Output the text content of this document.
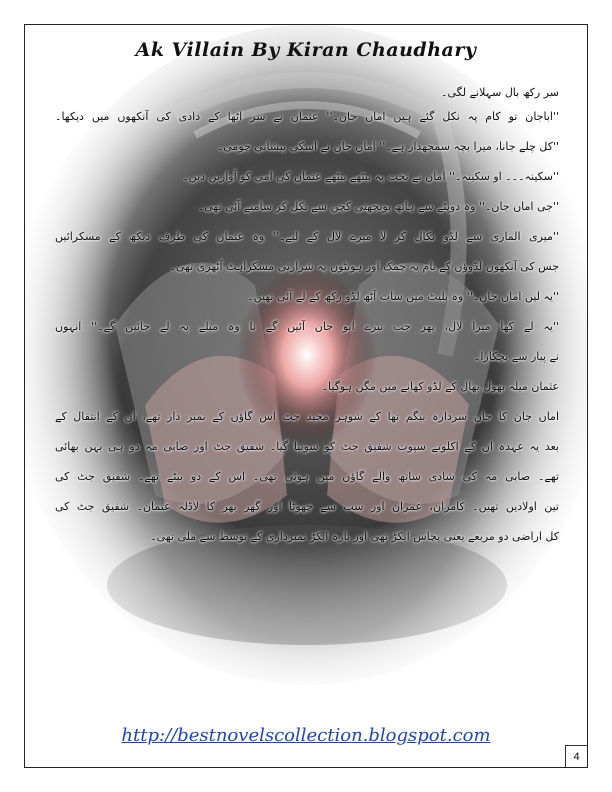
Ak Villain By Kiran Chaudhary
سر رکھ بال سہلانے لگی۔
''اباجان تو کام پہ نکل گئے ہیں اماں جان۔'' عثمان نے سر اٹھا کے دادی کی آنکھوں میں دیکھا۔
''کل چلے جانا، میرا بچہ سمجھدار ہے۔'' اماں جان نے اسکی پیشانی چومی۔
''سکینہ۔۔۔ او سکینہ۔'' اماں نے تخت پہ بیٹھے بیٹھے عثمان کی امی کو آوازیں دیں۔
''جی اماں جان۔'' وہ دوپٹے سے ہاتھ پونچھتی کچن سے نکل کر سامنے آئی تھی۔
''میری الماری سے لڈو نکال کر لا میرے لال کے لیے۔'' وہ عثمان کی طرف دیکھ کے مسکرائیں
جس کی آنکھوں لڈوؤں کے نام پہ چمک اور ہونٹوں پہ شرارتی مسکراہٹ آٹھری تھی۔
''یہ لیں اماں جان۔'' وہ پلیٹ میں سات آٹھ لڈو رکھ کے لے آئی تھیں۔
''یہ لے کھا میرا لال، پھر جب تیرے ابو جان آئیں گے نا وہ میلے پہ لے جائیں گے۔'' انہوں
نے پیار سے پچکارا۔
عثمان میلہ بھول بھال کے لڈو کھانے میں مگن ہوگیا۔
اماں جان کا جان سردارہ بیگم تھا کے شوہر مجید جٹ اس گاؤں کے نمبر دار تھے، ان کے انتقال کے
بعد یہ عہدہ ان کے اکلوتے سپوت شفیق جٹ کو سونپا گیا۔ شفیق جٹ اور صابی مہ دو ہی بہن بھائی
تھے۔ صابی مہ کی شادی ساتھ والے گاؤں میں ہوئی تھی۔ اس کے دو بیٹے تھے۔ شفیق جٹ کی
تین اولادیں تھیں۔ کامران، عمران اور سب سے چھوٹا اور گھر بھر کا لاڈلہ عثمان۔ شفیق جٹ کی
کل اراضی دو مربعے یعنی پچاس ایکڑ تھی اور بارہ ایکڑ نمبرداری کے توسط سے ملی تھی۔
http://bestnovelscollection.blogspot.com
4
